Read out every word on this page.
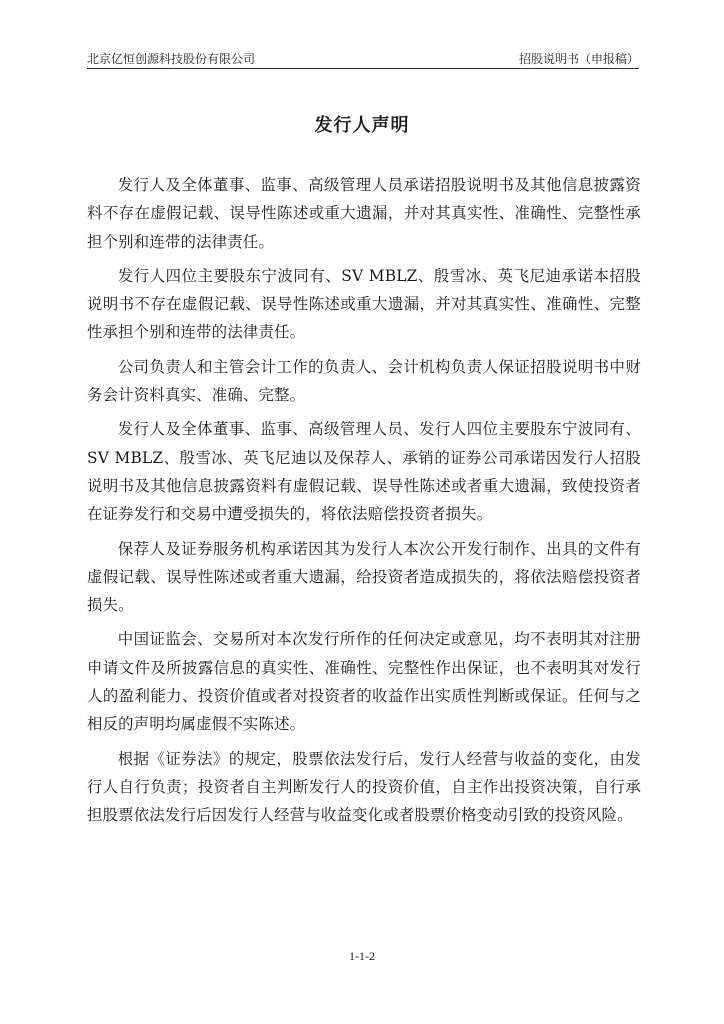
北京亿恒创源科技股份有限公司	招股说明书（申报稿）
发行人声明

发行人及全体董事、监事、高级管理人员承诺招股说明书及其他信息披露资料不存在虚假记载、误导性陈述或重大遗漏，并对其真实性、准确性、完整性承担个别和连带的法律责任。

发行人四位主要股东宁波同有、SV MBLZ、殷雪冰、英飞尼迪承诺本招股说明书不存在虚假记载、误导性陈述或重大遗漏，并对其真实性、准确性、完整性承担个别和连带的法律责任。

公司负责人和主管会计工作的负责人、会计机构负责人保证招股说明书中财务会计资料真实、准确、完整。

发行人及全体董事、监事、高级管理人员、发行人四位主要股东宁波同有、SV MBLZ、殷雪冰、英飞尼迪以及保荐人、承销的证券公司承诺因发行人招股说明书及其他信息披露资料有虚假记载、误导性陈述或者重大遗漏，致使投资者在证券发行和交易中遭受损失的，将依法赔偿投资者损失。

保荐人及证券服务机构承诺因其为发行人本次公开发行制作、出具的文件有虚假记载、误导性陈述或者重大遗漏，给投资者造成损失的，将依法赔偿投资者损失。

中国证监会、交易所对本次发行所作的任何决定或意见，均不表明其对注册申请文件及所披露信息的真实性、准确性、完整性作出保证，也不表明其对发行人的盈利能力、投资价值或者对投资者的收益作出实质性判断或保证。任何与之相反的声明均属虚假不实陈述。

根据《证券法》的规定，股票依法发行后，发行人经营与收益的变化，由发行人自行负责；投资者自主判断发行人的投资价值，自主作出投资决策，自行承担股票依法发行后因发行人经营与收益变化或者股票价格变动引致的投资风险。

1-1-2
